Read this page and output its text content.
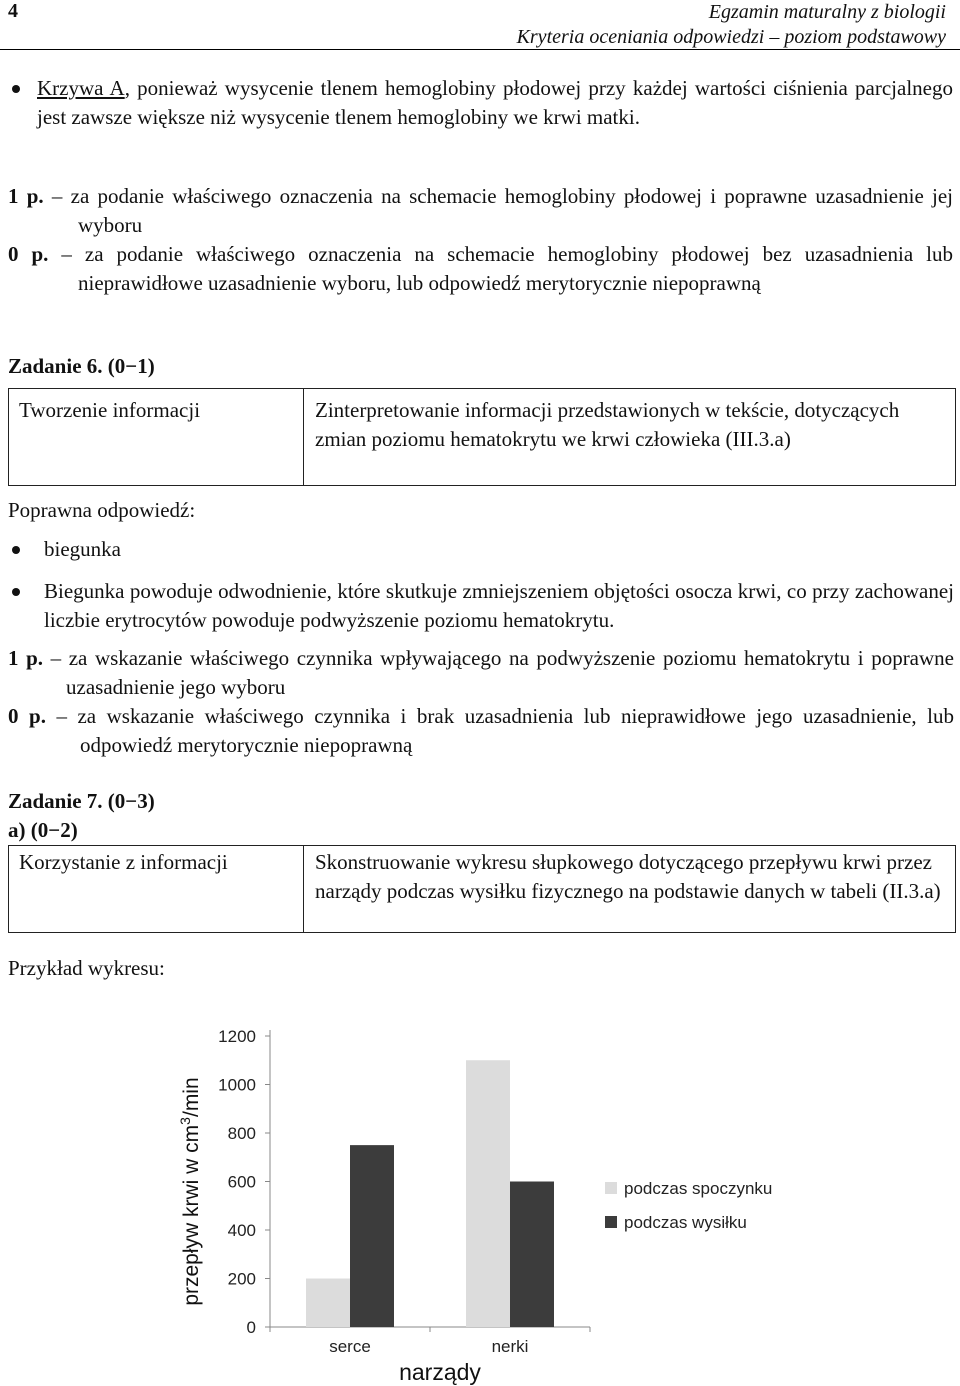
4	Egzamin maturalny z biologii
Kryteria oceniania odpowiedzi – poziom podstawowy
Krzywa A, ponieważ wysycenie tlenem hemoglobiny płodowej przy każdej wartości ciśnienia parcjalnego jest zawsze większe niż wysycenie tlenem hemoglobiny we krwi matki.
1 p. – za podanie właściwego oznaczenia na schemacie hemoglobiny płodowej i poprawne uzasadnienie jej wyboru
0 p. – za podanie właściwego oznaczenia na schemacie hemoglobiny płodowej bez uzasadnienia lub nieprawidłowe uzasadnienie wyboru, lub odpowiedź merytorycznie niepoprawną
Zadanie 6. (0−1)
Tworzenie informacji	Zinterpretowanie informacji przedstawionych w tekście, dotyczących zmian poziomu hematokrytu we krwi człowieka (III.3.a)
Poprawna odpowiedź:
biegunka
Biegunka powoduje odwodnienie, które skutkuje zmniejszeniem objętości osocza krwi, co przy zachowanej liczbie erytrocytów powoduje podwyższenie poziomu hematokrytu.
1 p. – za wskazanie właściwego czynnika wpływającego na podwyższenie poziomu hematokrytu i poprawne uzasadnienie jego wyboru
0 p. – za wskazanie właściwego czynnika i brak uzasadnienia lub nieprawidłowe jego uzasadnienie, lub odpowiedź merytorycznie niepoprawną
Zadanie 7. (0−3)
a) (0−2)
Korzystanie z informacji	Skonstruowanie wykresu słupkowego dotyczącego przepływu krwi przez narządy podczas wysiłku fizycznego na podstawie danych w tabeli (II.3.a)
Przykład wykresu:
0
200
400
600
800
1000
1200
serce	nerki
narządy
przepływ krwi w $cm^3/\min$
podczas spoczynku
podczas wysiłku
